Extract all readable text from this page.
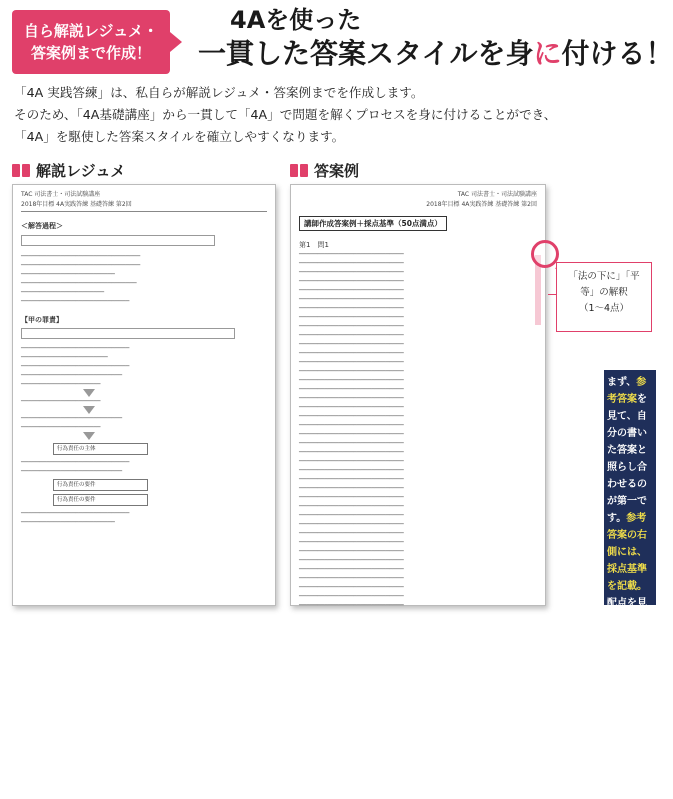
自ら解説レジュメ・
答案例まで作成！
4Aを使った
一貫した答案スタイルを身に付ける！

「4A 実践答練」は、私自らが解説レジュメ・答案例までを作成します。

そのため、「4A基礎講座」から一貫して「4A」で問題を解くプロセスを身に付けることができ、

「4A」を駆使した答案スタイルを確立しやすくなります。

解説レジュメ	答案例
TAC 司法書士・司法試験講座
2018年目標 4A実践答練 基礎答練 第2回
＜解答過程＞

─────────────────────────────────
─────────────────────────────────
──────────────────────────
────────────────────────────────
───────────────────────
──────────────────────────────
【甲の罪責】

──────────────────────────────
────────────────────────
──────────────────────────────
────────────────────────────
──────────────────────
──────────────────────
────────────────────────────
──────────────────────
行為責任の主体
──────────────────────────────
────────────────────────────
行為責任の要件
行為責任の要件
──────────────────────────────
──────────────────────────
TAC 司法書士・司法試験講座
2018年目標 4A実践答練 基礎答練 第2回
講師作成答案例＋採点基準（50点満点）
第1　問1
─────────────────────────────
─────────────────────────────
─────────────────────────────
─────────────────────────────
─────────────────────────────
─────────────────────────────
─────────────────────────────
─────────────────────────────
─────────────────────────────
─────────────────────────────
─────────────────────────────
─────────────────────────────
─────────────────────────────
─────────────────────────────
─────────────────────────────
─────────────────────────────
─────────────────────────────
─────────────────────────────
─────────────────────────────
─────────────────────────────
─────────────────────────────
─────────────────────────────
─────────────────────────────
─────────────────────────────
─────────────────────────────
─────────────────────────────
─────────────────────────────
─────────────────────────────
─────────────────────────────
─────────────────────────────
─────────────────────────────
─────────────────────────────
─────────────────────────────
─────────────────────────────
─────────────────────────────
─────────────────────────────
─────────────────────────────
─────────────────────────────
─────────────────────────────
─────────────────────────────
「法の下に」「平
等」の解釈
（1～4点）
まず、参考答案を見て、自分の書いた答案と照らし合わせるのが第一です。参考答案の右側には、採点基準を記載。配点を見ることで、合格答案になるためには、どの部分をどれくらい書くべきだったかが一目瞭然！
